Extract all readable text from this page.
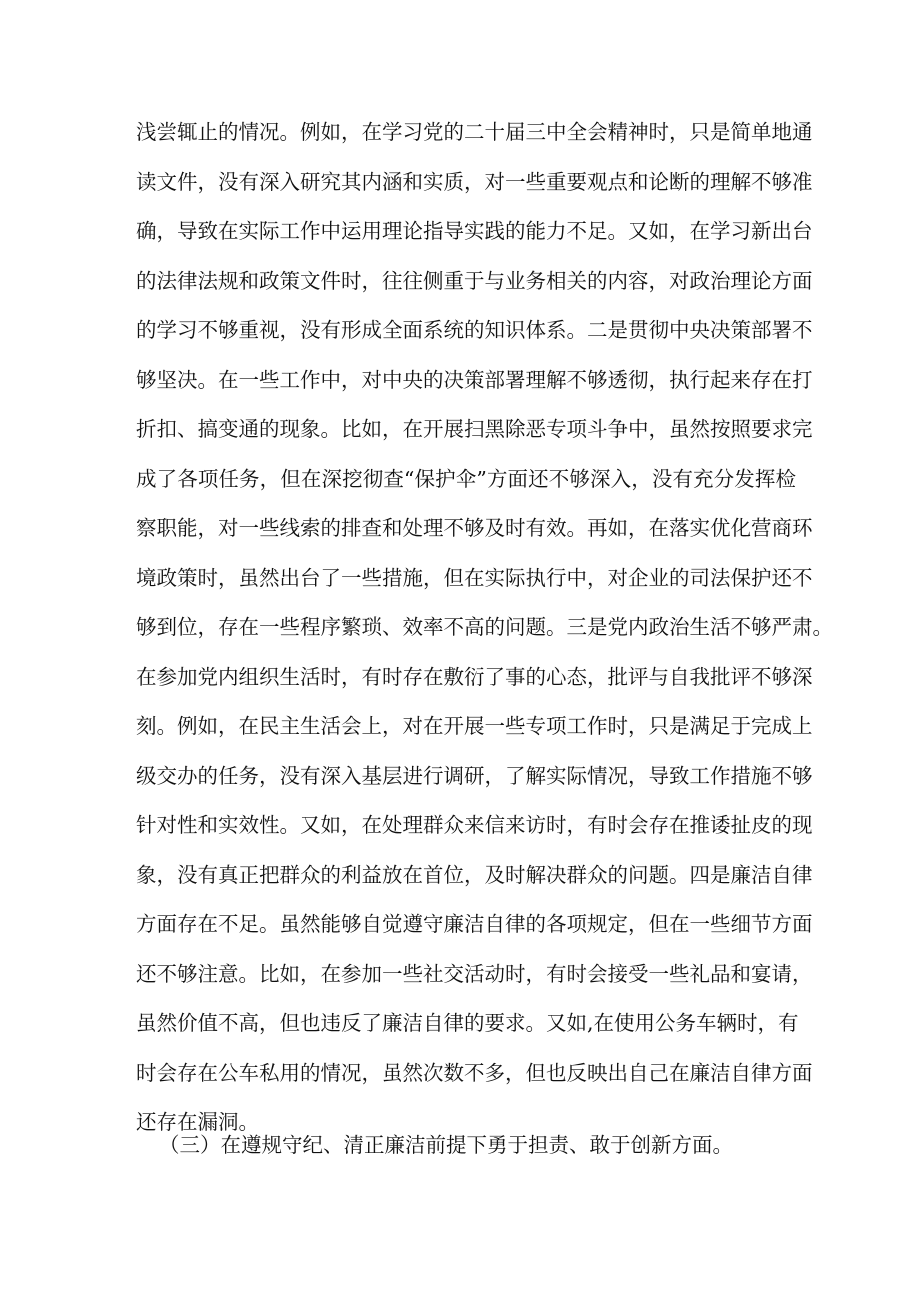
浅尝辄止的情况。例如，在学习党的二十届三中全会精神时，只是简单地通
读文件，没有深入研究其内涵和实质，对一些重要观点和论断的理解不够准
确，导致在实际工作中运用理论指导实践的能力不足。又如，在学习新出台
的法律法规和政策文件时，往往侧重于与业务相关的内容，对政治理论方面
的学习不够重视，没有形成全面系统的知识体系。二是贯彻中央决策部署不
够坚决。在一些工作中，对中央的决策部署理解不够透彻，执行起来存在打
折扣、搞变通的现象。比如，在开展扫黑除恶专项斗争中，虽然按照要求完
成了各项任务，但在深挖彻查“保护伞”方面还不够深入，没有充分发挥检
察职能，对一些线索的排查和处理不够及时有效。再如，在落实优化营商环
境政策时，虽然出台了一些措施，但在实际执行中，对企业的司法保护还不
够到位，存在一些程序繁琐、效率不高的问题。三是党内政治生活不够严肃。
在参加党内组织生活时，有时存在敷衍了事的心态，批评与自我批评不够深
刻。例如，在民主生活会上，对在开展一些专项工作时，只是满足于完成上
级交办的任务，没有深入基层进行调研，了解实际情况，导致工作措施不够
针对性和实效性。又如，在处理群众来信来访时，有时会存在推诿扯皮的现
象，没有真正把群众的利益放在首位，及时解决群众的问题。四是廉洁自律
方面存在不足。虽然能够自觉遵守廉洁自律的各项规定，但在一些细节方面
还不够注意。比如，在参加一些社交活动时，有时会接受一些礼品和宴请，
虽然价值不高，但也违反了廉洁自律的要求。又如,在使用公务车辆时，有
时会存在公车私用的情况，虽然次数不多，但也反映出自己在廉洁自律方面
还存在漏洞。
（三）在遵规守纪、清正廉洁前提下勇于担责、敢于创新方面。
